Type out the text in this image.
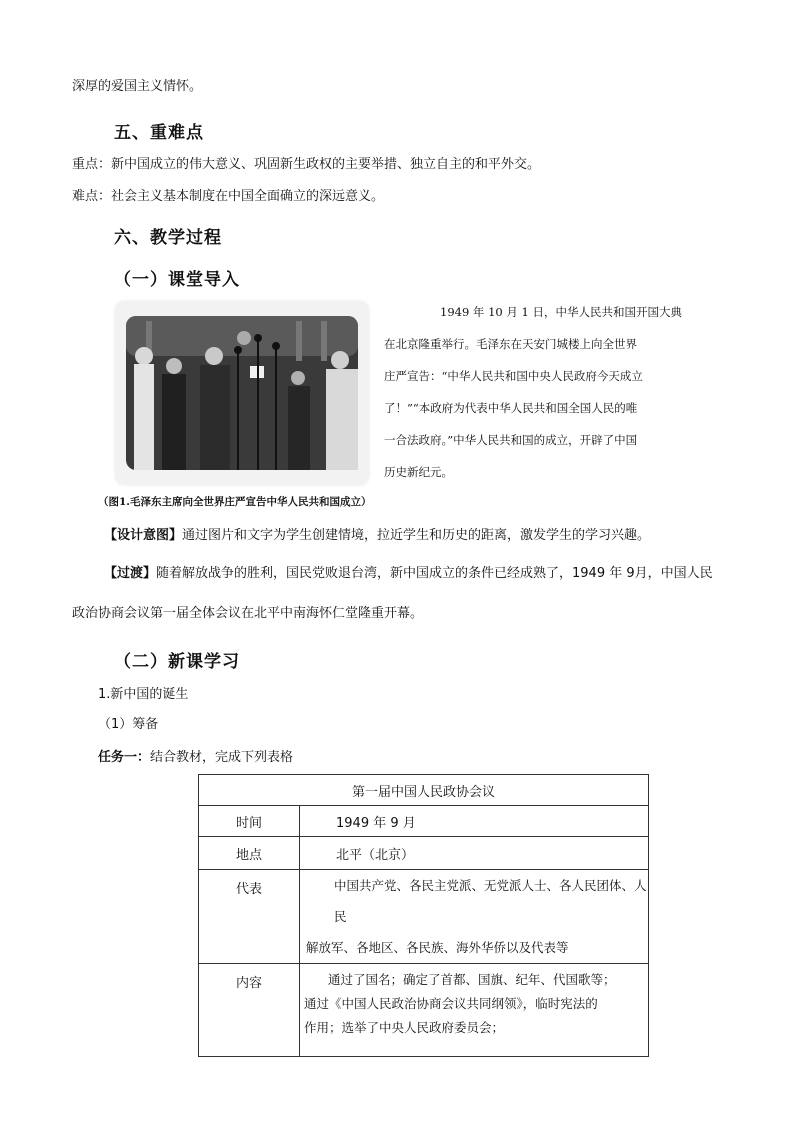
深厚的爱国主义情怀。
五、重难点
重点：新中国成立的伟大意义、巩固新生政权的主要举措、独立自主的和平外交。
难点：社会主义基本制度在中国全面确立的深远意义。
六、教学过程
（一）课堂导入
1949 年 10 月 1 日，中华人民共和国开国大典
在北京隆重举行。毛泽东在天安门城楼上向全世界
庄严宣告：“中华人民共和国中央人民政府今天成立
了！”“本政府为代表中华人民共和国全国人民的唯
一合法政府。”中华人民共和国的成立，开辟了中国
历史新纪元。
（图1.毛泽东主席向全世界庄严宣告中华人民共和国成立）
【设计意图】通过图片和文字为学生创建情境，拉近学生和历史的距离，激发学生的学习兴趣。
【过渡】随着解放战争的胜利，国民党败退台湾，新中国成立的条件已经成熟了，1949 年 9月，中国人民
政治协商会议第一届全体会议在北平中南海怀仁堂隆重开幕。
（二）新课学习
1.新中国的诞生
（1）筹备
任务一：结合教材，完成下列表格
第一届中国人民政协会议	
时间	1949 年 9 月
地点	北平（北京）
代表	中国共产党、各民主党派、无党派人士、各人民团体、人民
解放军、各地区、各民族、海外华侨以及代表等

内容	通过了国名；确定了首都、国旗、纪年、代国歌等；
通过《中国人民政治协商会议共同纲领》，临时宪法的
作用；选举了中央人民政府委员会；
